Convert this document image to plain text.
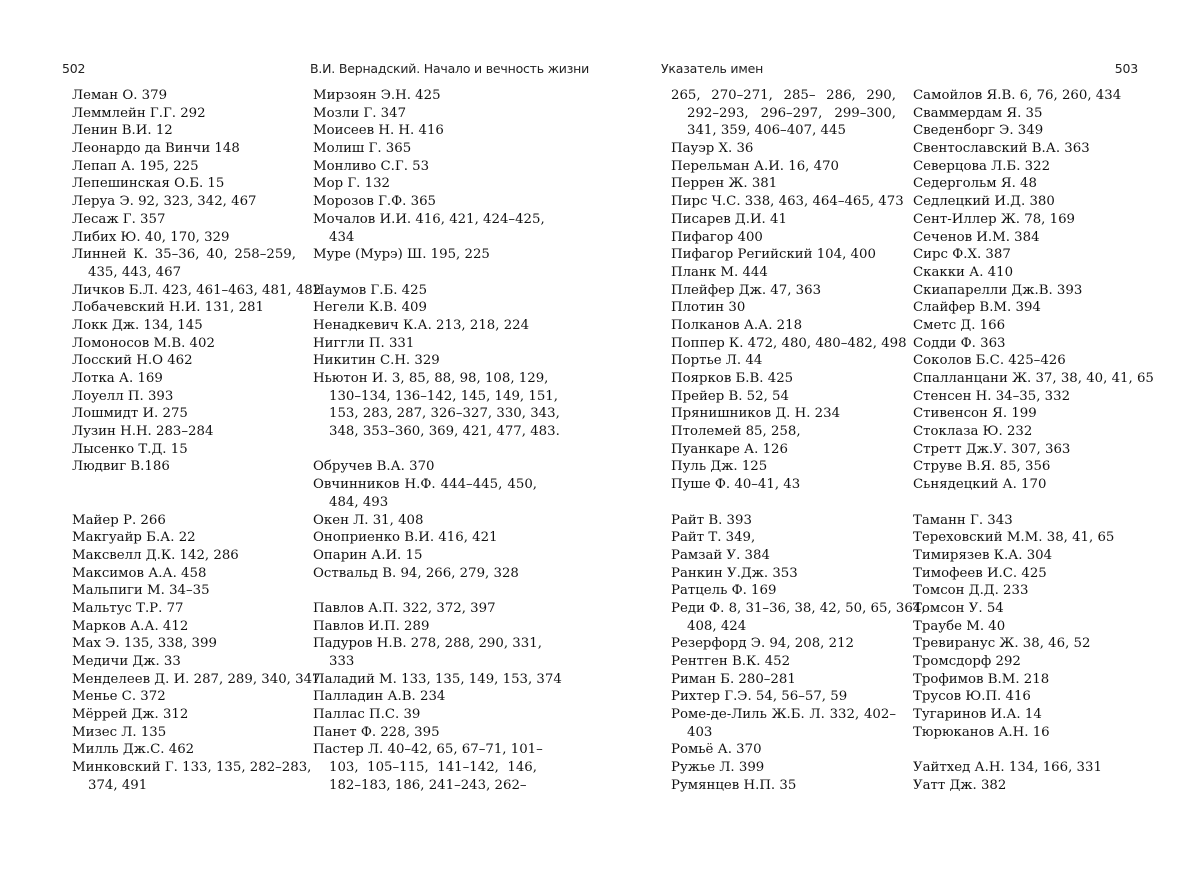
502	В.И. Вернадский. Начало и вечность жизни	Указатель имен	503
Леман О. 379
Леммлейн Г.Г. 292
Ленин В.И. 12
Леонардо да Винчи 148
Лепап А. 195, 225
Лепешинская О.Б. 15
Леруа Э. 92, 323, 342, 467
Лесаж Г. 357
Либих Ю. 40, 170, 329
Линней К. 35–36, 40, 258–259,
435, 443, 467
Личков Б.Л. 423, 461–463, 481, 482
Лобачевский Н.И. 131, 281
Локк Дж. 134, 145
Ломоносов М.В. 402
Лосский Н.О 462
Лотка А. 169
Лоуелл П. 393
Лошмидт И. 275
Лузин Н.Н. 283–284
Лысенко Т.Д. 15
Людвиг В.186
Майер Р. 266
Макгуайр Б.А. 22
Максвелл Д.К. 142, 286
Максимов А.А. 458
Мальпиги М. 34–35
Мальтус Т.Р. 77
Марков А.А. 412
Мах Э. 135, 338, 399
Медичи Дж. 33
Менделеев Д. И. 287, 289, 340, 347
Менье С. 372
Мёррей Дж. 312
Мизес Л. 135
Милль Дж.С. 462
Минковский Г. 133, 135, 282–283,
374, 491
Мирзоян Э.Н. 425
Мозли Г. 347
Моисеев Н. Н. 416
Молиш Г. 365
Монливо С.Г. 53
Мор Г. 132
Морозов Г.Ф. 365
Мочалов И.И. 416, 421, 424–425,
434
Муре (Мурэ) Ш. 195, 225
Наумов Г.Б. 425
Негели К.В. 409
Ненадкевич К.А. 213, 218, 224
Ниггли П. 331
Никитин С.Н. 329
Ньютон И. 3, 85, 88, 98, 108, 129,
130–134, 136–142, 145, 149, 151,
153, 283, 287, 326–327, 330, 343,
348, 353–360, 369, 421, 477, 483.
Обручев В.А. 370
Овчинников Н.Ф. 444–445, 450,
484, 493
Окен Л. 31, 408
Оноприенко В.И. 416, 421
Опарин А.И. 15
Оствальд В. 94, 266, 279, 328
Павлов А.П. 322, 372, 397
Павлов И.П. 289
Падуров Н.В. 278, 288, 290, 331,
333
Паладий М. 133, 135, 149, 153, 374
Палладин А.В. 234
Паллас П.С. 39
Панет Ф. 228, 395
Пастер Л. 40–42, 65, 67–71, 101–
103, 105–115, 141–142, 146,
182–183, 186, 241–243, 262–
265, 270–271, 285– 286, 290,
292–293, 296–297, 299–300,
341, 359, 406–407, 445
Пауэр Х. 36
Перельман А.И. 16, 470
Перрен Ж. 381
Пирс Ч.С. 338, 463, 464–465, 473
Писарев Д.И. 41
Пифагор 400
Пифагор Регийский 104, 400
Планк М. 444
Плейфер Дж. 47, 363
Плотин 30
Полканов А.А. 218
Поппер К. 472, 480, 480–482, 498
Портье Л. 44
Поярков Б.В. 425
Прейер В. 52, 54
Прянишников Д. Н. 234
Птолемей 85, 258,
Пуанкаре А. 126
Пуль Дж. 125
Пуше Ф. 40–41, 43
Райт В. 393
Райт Т. 349,
Рамзай У. 384
Ранкин У.Дж. 353
Ратцель Ф. 169
Реди Ф. 8, 31–36, 38, 42, 50, 65, 364,
408, 424
Резерфорд Э. 94, 208, 212
Рентген В.К. 452
Риман Б. 280–281
Рихтер Г.Э. 54, 56–57, 59
Роме-де-Лиль Ж.Б. Л. 332, 402–
403
Ромьё А. 370
Ружье Л. 399
Румянцев Н.П. 35
Самойлов Я.В. 6, 76, 260, 434
Сваммердам Я. 35
Сведенборг Э. 349
Свентославский В.А. 363
Северцова Л.Б. 322
Седергольм Я. 48
Седлецкий И.Д. 380
Сент-Иллер Ж. 78, 169
Сеченов И.М. 384
Сирс Ф.Х. 387
Скакки А. 410
Скиапарелли Дж.В. 393
Слайфер В.М. 394
Сметс Д. 166
Содди Ф. 363
Соколов Б.С. 425–426
Спалланцани Ж. 37, 38, 40, 41, 65
Стенсен Н. 34–35, 332
Стивенсон Я. 199
Стоклаза Ю. 232
Стретт Дж.У. 307, 363
Струве В.Я. 85, 356
Сьнядецкий А. 170
Таманн Г. 343
Тереховский М.М. 38, 41, 65
Тимирязев К.А. 304
Тимофеев И.С. 425
Томсон Д.Д. 233
Томсон У. 54
Траубе М. 40
Тревиранус Ж. 38, 46, 52
Тромсдорф 292
Трофимов В.М. 218
Трусов Ю.П. 416
Тугаринов И.А. 14
Тюрюканов А.Н. 16
Уайтхед А.Н. 134, 166, 331
Уатт Дж. 382
